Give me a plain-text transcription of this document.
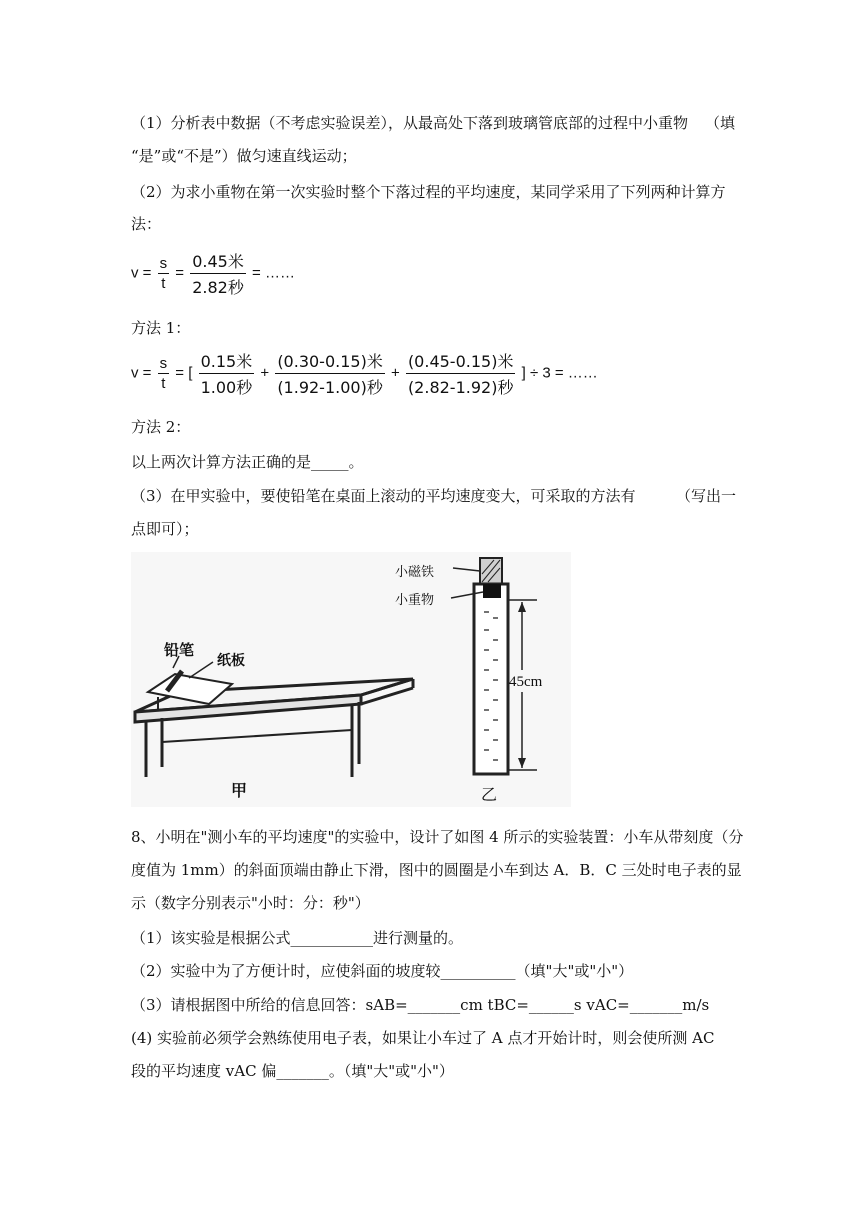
（1）分析表中数据（不考虑实验误差），从最高处下落到玻璃管底部的过程中小重物 （填
“是”或“不是”）做匀速直线运动；
（2）为求小重物在第一次实验时整个下落过程的平均速度，某同学采用了下列两种计算方
法：
$v = \frac{s}{t} = \frac{\text{0.45米}}{\text{2.82秒}}$ = ……
方法 1：
$v = \frac{s}{t}$ = [ $\frac{\text{0.15米}}{\text{1.00秒}} + \frac{\text{(0.30-0.15)米}}{\text{(1.92-1.00)秒}} + \frac{\text{(0.45-0.15)米}}{\text{(2.82-1.92)秒}}$ ] ÷ 3 = ……
方法 2：
以上两次计算方法正确的是_____。
（3）在甲实验中，要使铅笔在桌面上滚动的平均速度变大，可采取的方法有	（写出一
点即可）；
铅笔
纸板
甲
小磁铁
小重物
45cm
乙
8、小明在"测小车的平均速度"的实验中，设计了如图 4 所示的实验装置：小车从带刻度（分
度值为 1mm）的斜面顶端由静止下滑，图中的圆圈是小车到达 A．B．C 三处时电子表的显
示（数字分别表示"小时：分：秒"）
（1）该实验是根据公式___________进行测量的。
（2）实验中为了方便计时，应使斜面的坡度较__________（填"大"或"小"）
（3）请根据图中所给的信息回答：sAB=_______cm tBC=______s vAC=_______m/s
(4) 实验前必须学会熟练使用电子表，如果让小车过了 A 点才开始计时，则会使所测 AC
段的平均速度 vAC 偏_______。（填"大"或"小"）
